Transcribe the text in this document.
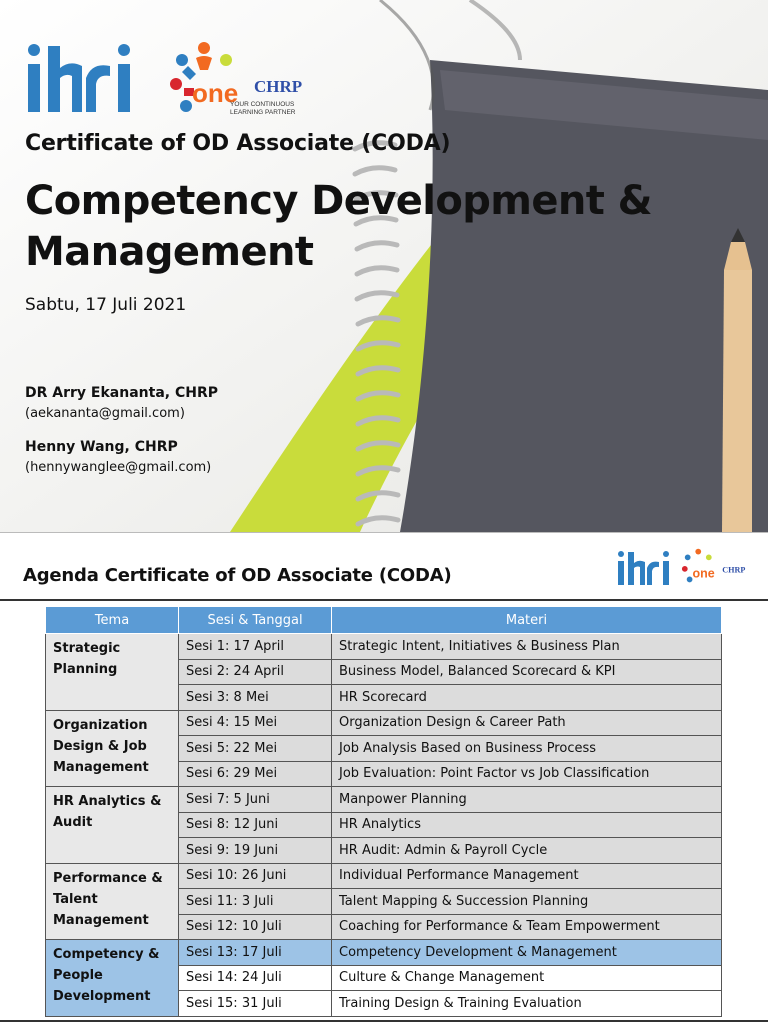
one CHRP
YOUR CONTINUOUS
LEARNING PARTNER
Certificate of OD Associate (CODA)
Competency Development &
Management
Sabtu, 17 Juli 2021
DR Arry Ekananta, CHRP
(aekananta@gmail.com)
Henny Wang, CHRP
(hennywanglee@gmail.com)
Agenda Certificate of OD Associate (CODA)	one CHRP
Tema	Sesi & Tanggal	Materi
Strategic Planning	Sesi 1: 17 April	Strategic Intent, Initiatives & Business Plan
	Sesi 2: 24 April	Business Model, Balanced Scorecard & KPI
	Sesi 3: 8 Mei	HR Scorecard
Organization Design & Job Management	Sesi 4: 15 Mei	Organization Design & Career Path
	Sesi 5: 22 Mei	Job Analysis Based on Business Process
	Sesi 6: 29 Mei	Job Evaluation: Point Factor vs Job Classification
HR Analytics & Audit	Sesi 7: 5 Juni	Manpower Planning
	Sesi 8: 12 Juni	HR Analytics
	Sesi 9: 19 Juni	HR Audit: Admin & Payroll Cycle
Performance & Talent Management	Sesi 10: 26 Juni	Individual Performance Management
	Sesi 11: 3 Juli	Talent Mapping & Succession Planning
	Sesi 12: 10 Juli	Coaching for Performance & Team Empowerment
Competency & People Development	Sesi 13: 17 Juli	Competency Development & Management
	Sesi 14: 24 Juli	Culture & Change Management
	Sesi 15: 31 Juli	Training Design & Training Evaluation
